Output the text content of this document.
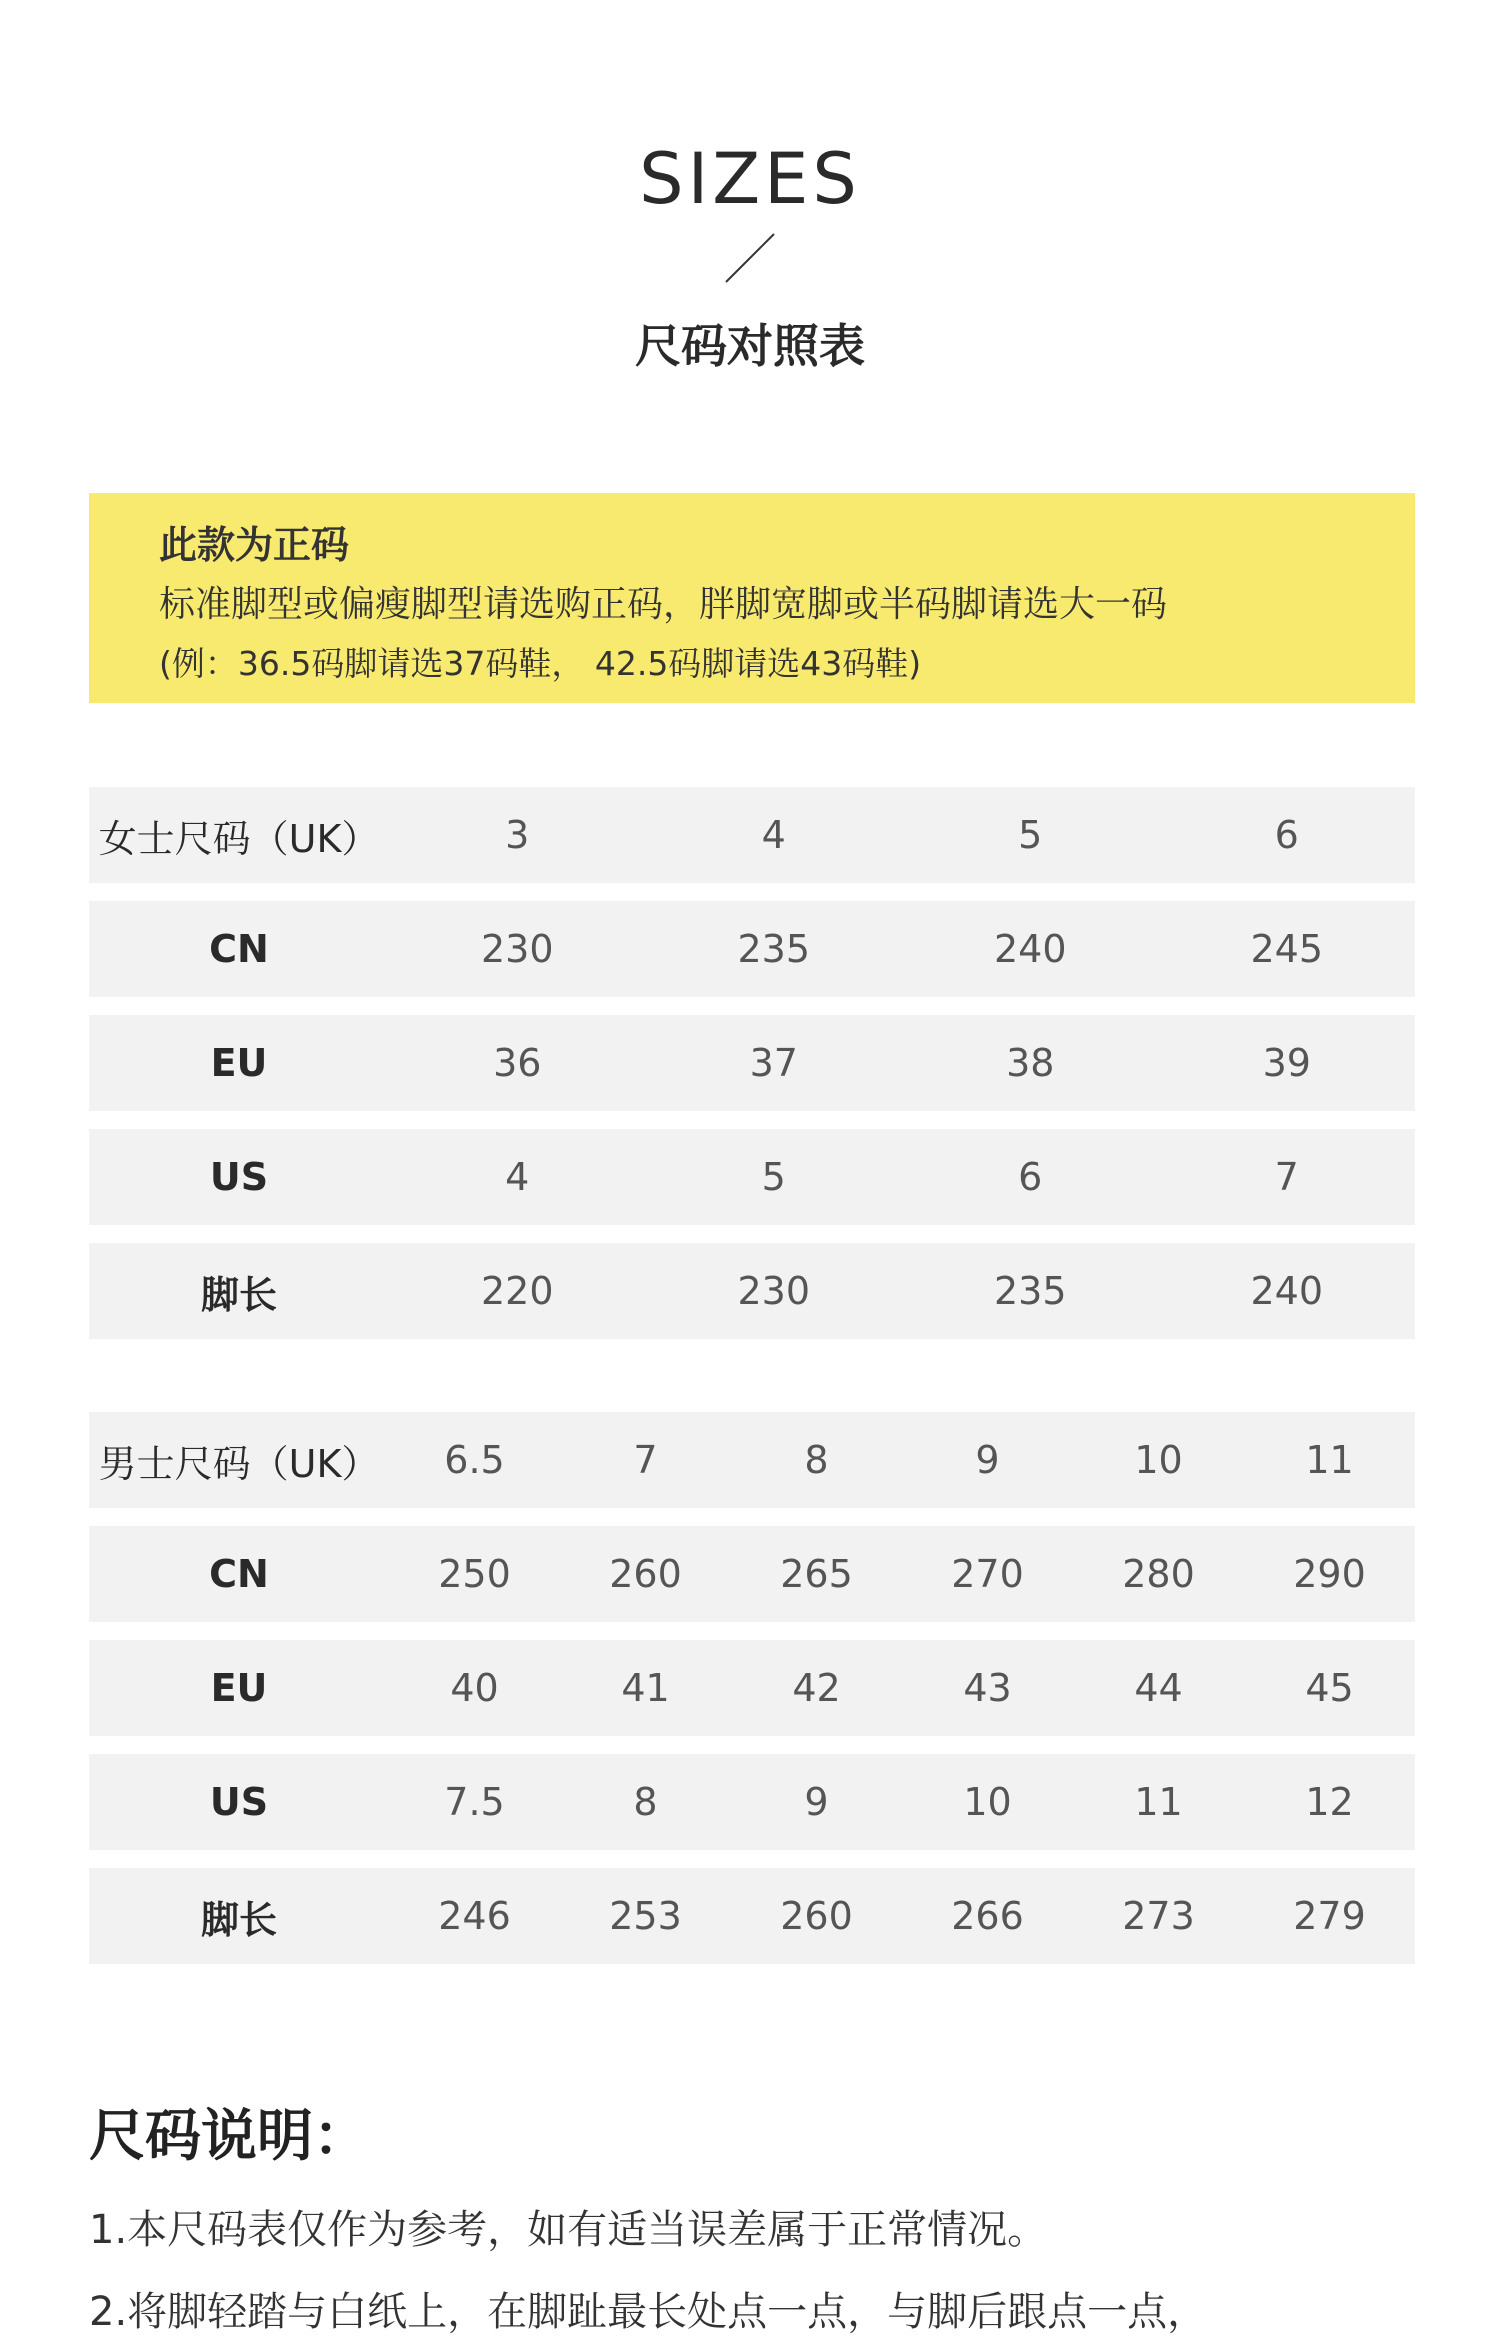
SIZES
尺码对照表
此款为正码
标准脚型或偏瘦脚型请选购正码，胖脚宽脚或半码脚请选大一码
(例：36.5码脚请选37码鞋， 42.5码脚请选43码鞋)
女士尺码（UK）	3	4	5	6
CN	230	235	240	245
EU	36	37	38	39
US	4	5	6	7
脚长	220	230	235	240
男士尺码（UK）	6.5	7	8	9	10	11
CN	250	260	265	270	280	290
EU	40	41	42	43	44	45
US	7.5	8	9	10	11	12
脚长	246	253	260	266	273	279
尺码说明：
1.本尺码表仅作为参考，如有适当误差属于正常情况。
2.将脚轻踏与白纸上，在脚趾最长处点一点，与脚后跟点一点，
